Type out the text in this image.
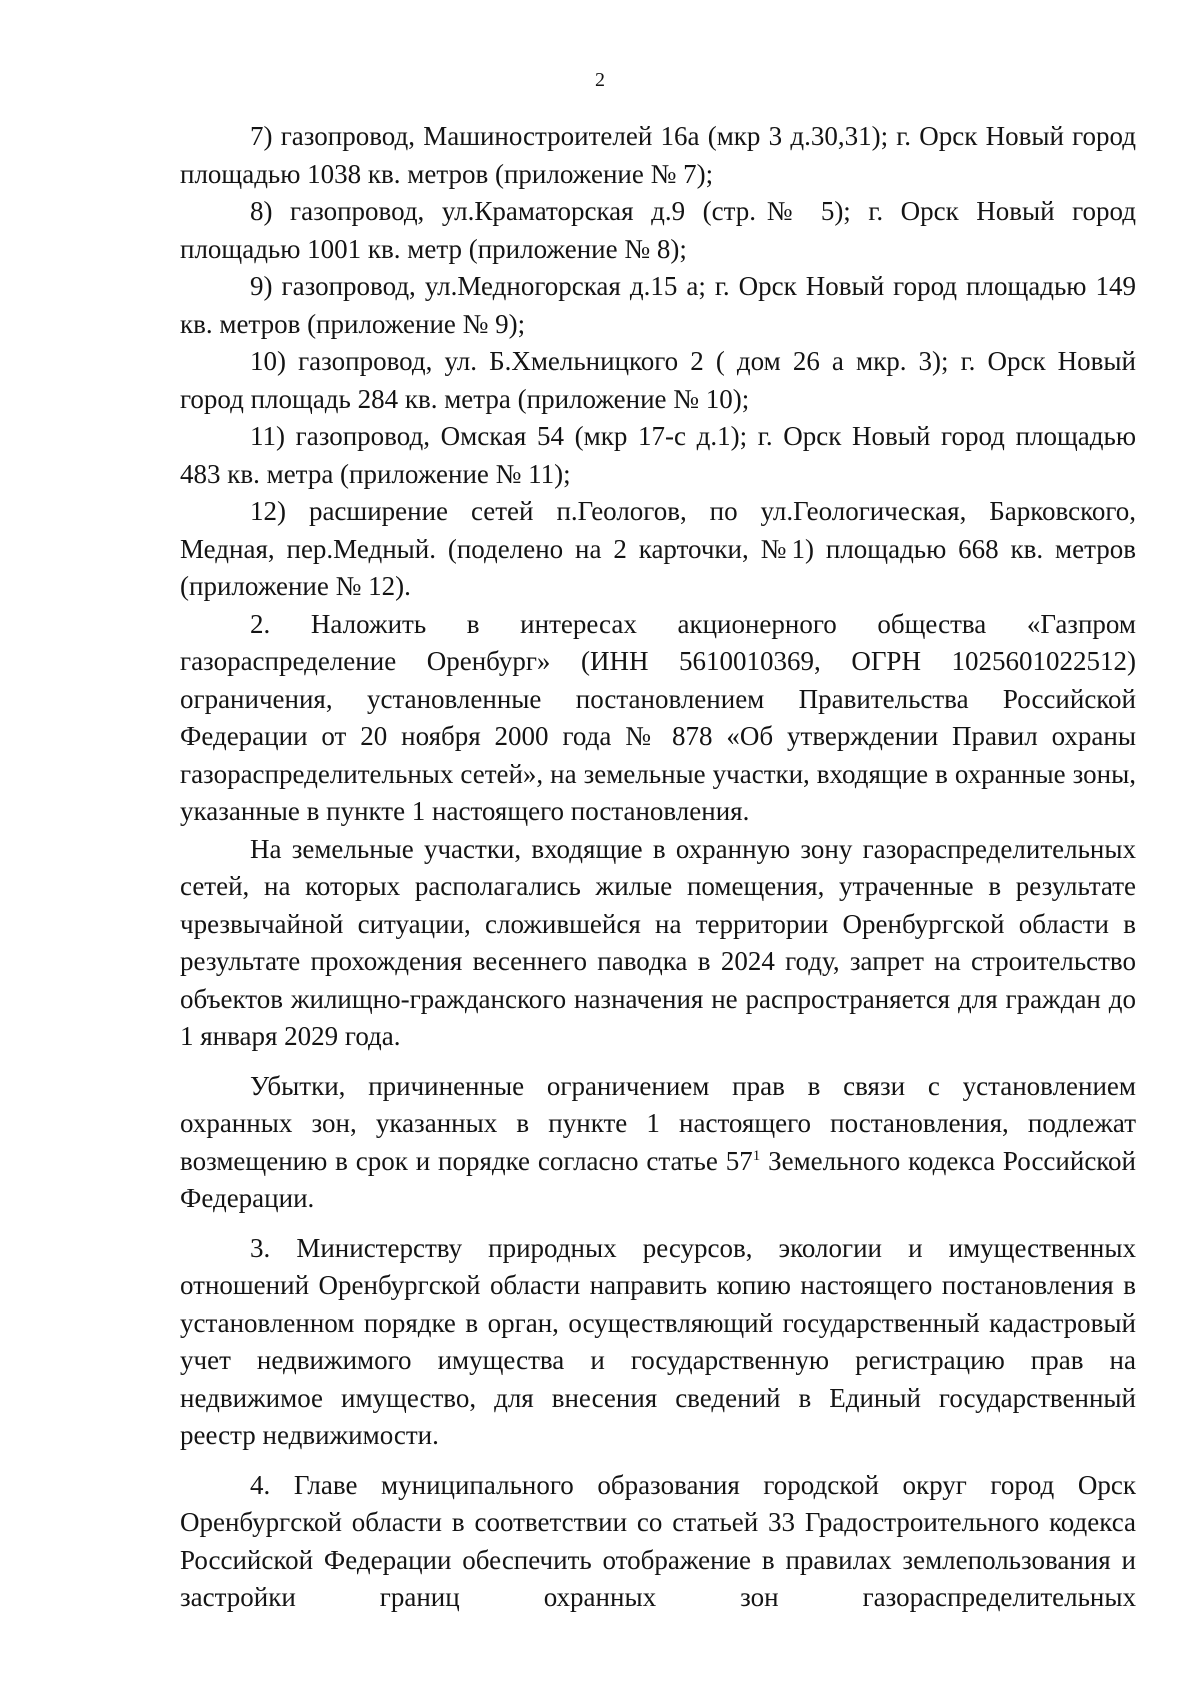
2

7) газопровод, Машиностроителей 16а (мкр 3 д.30,31); г. Орск Новый город площадью 1038 кв. метров (приложение № 7);

8) газопровод, ул.Краматорская д.9 (стр.№ 5); г. Орск Новый город площадью 1001 кв. метр (приложение № 8);

9) газопровод, ул.Медногорская д.15 а; г. Орск Новый город площадью 149 кв. метров (приложение № 9);

10) газопровод, ул. Б.Хмельницкого 2 ( дом 26 а мкр. 3); г. Орск Новый город площадь 284 кв. метра (приложение № 10);

11) газопровод, Омская 54 (мкр 17-с д.1); г. Орск Новый город площадью 483 кв. метра (приложение № 11);

12) расширение сетей п.Геологов, по ул.Геологическая, Барковского, Медная, пер.Медный. (поделено на 2 карточки, №1) площадью 668 кв. метров (приложение № 12).

2. Наложить в интересах акционерного общества «Газпром газораспределение Оренбург» (ИНН 5610010369, ОГРН 1025601022512) ограничения, установленные постановлением Правительства Российской Федерации от 20 ноября 2000 года № 878 «Об утверждении Правил охраны газораспределительных сетей», на земельные участки, входящие в охранные зоны, указанные в пункте 1 настоящего постановления.

На земельные участки, входящие в охранную зону газораспределительных сетей, на которых располагались жилые помещения, утраченные в результате чрезвычайной ситуации, сложившейся на территории Оренбургской области в результате прохождения весеннего паводка в 2024 году, запрет на строительство объектов жилищно-гражданского назначения не распространяется для граждан до 1 января 2029 года.

Убытки, причиненные ограничением прав в связи с установлением охранных зон, указанных в пункте 1 настоящего постановления, подлежат возмещению в срок и порядке согласно статье $57^1$ Земельного кодекса Российской Федерации.

3. Министерству природных ресурсов, экологии и имущественных отношений Оренбургской области направить копию настоящего постановления в установленном порядке в орган, осуществляющий государственный кадастровый учет недвижимого имущества и государственную регистрацию прав на недвижимое имущество, для внесения сведений в Единый государственный реестр недвижимости.

4. Главе муниципального образования городской округ город Орск Оренбургской области в соответствии со статьей 33 Градостроительного кодекса Российской Федерации обеспечить отображение в правилах землепользования и застройки границ охранных зон газораспределительных
